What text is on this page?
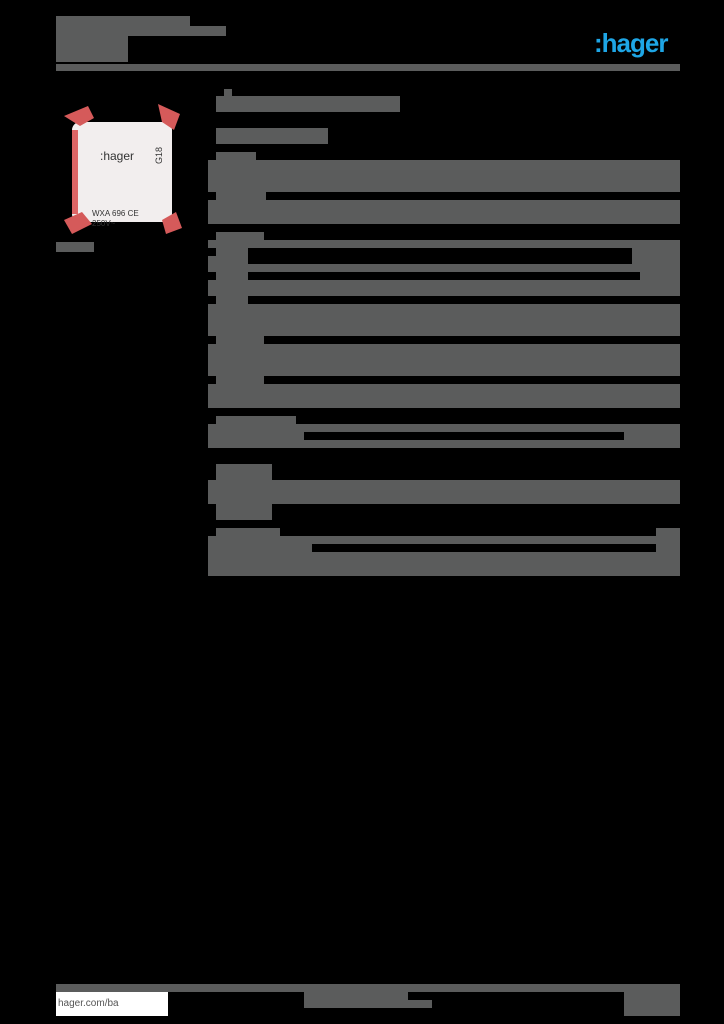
:hager
:hager G18
WXA 696 CE
250V~
hager.com/ba
